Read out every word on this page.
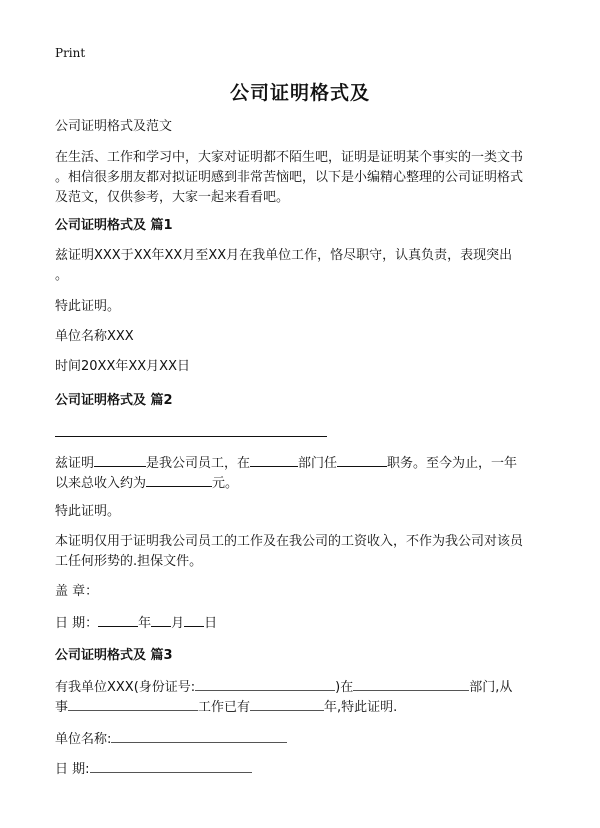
Print
公司证明格式及
公司证明格式及范文
在生活、工作和学习中，大家对证明都不陌生吧，证明是证明某个事实的一类文书
。相信很多朋友都对拟证明感到非常苦恼吧，以下是小编精心整理的公司证明格式
及范文，仅供参考，大家一起来看看吧。
公司证明格式及 篇1
兹证明XXX于XX年XX月至XX月在我单位工作，恪尽职守，认真负责，表现突出
。
特此证明。
单位名称XXX
时间20XX年XX月XX日
公司证明格式及 篇2
兹证明	是我公司员工，在	部门任	职务。至今为止，一年
以来总收入约为	元。
特此证明。
本证明仅用于证明我公司员工的工作及在我公司的工资收入，不作为我公司对该员
工任何形势的.担保文件。
盖 章：
日 期：	年 月 日
公司证明格式及 篇3
有我单位XXX(身份证号:	)在	部门,从
事	工作已有	年,特此证明.
单位名称:
日 期:
